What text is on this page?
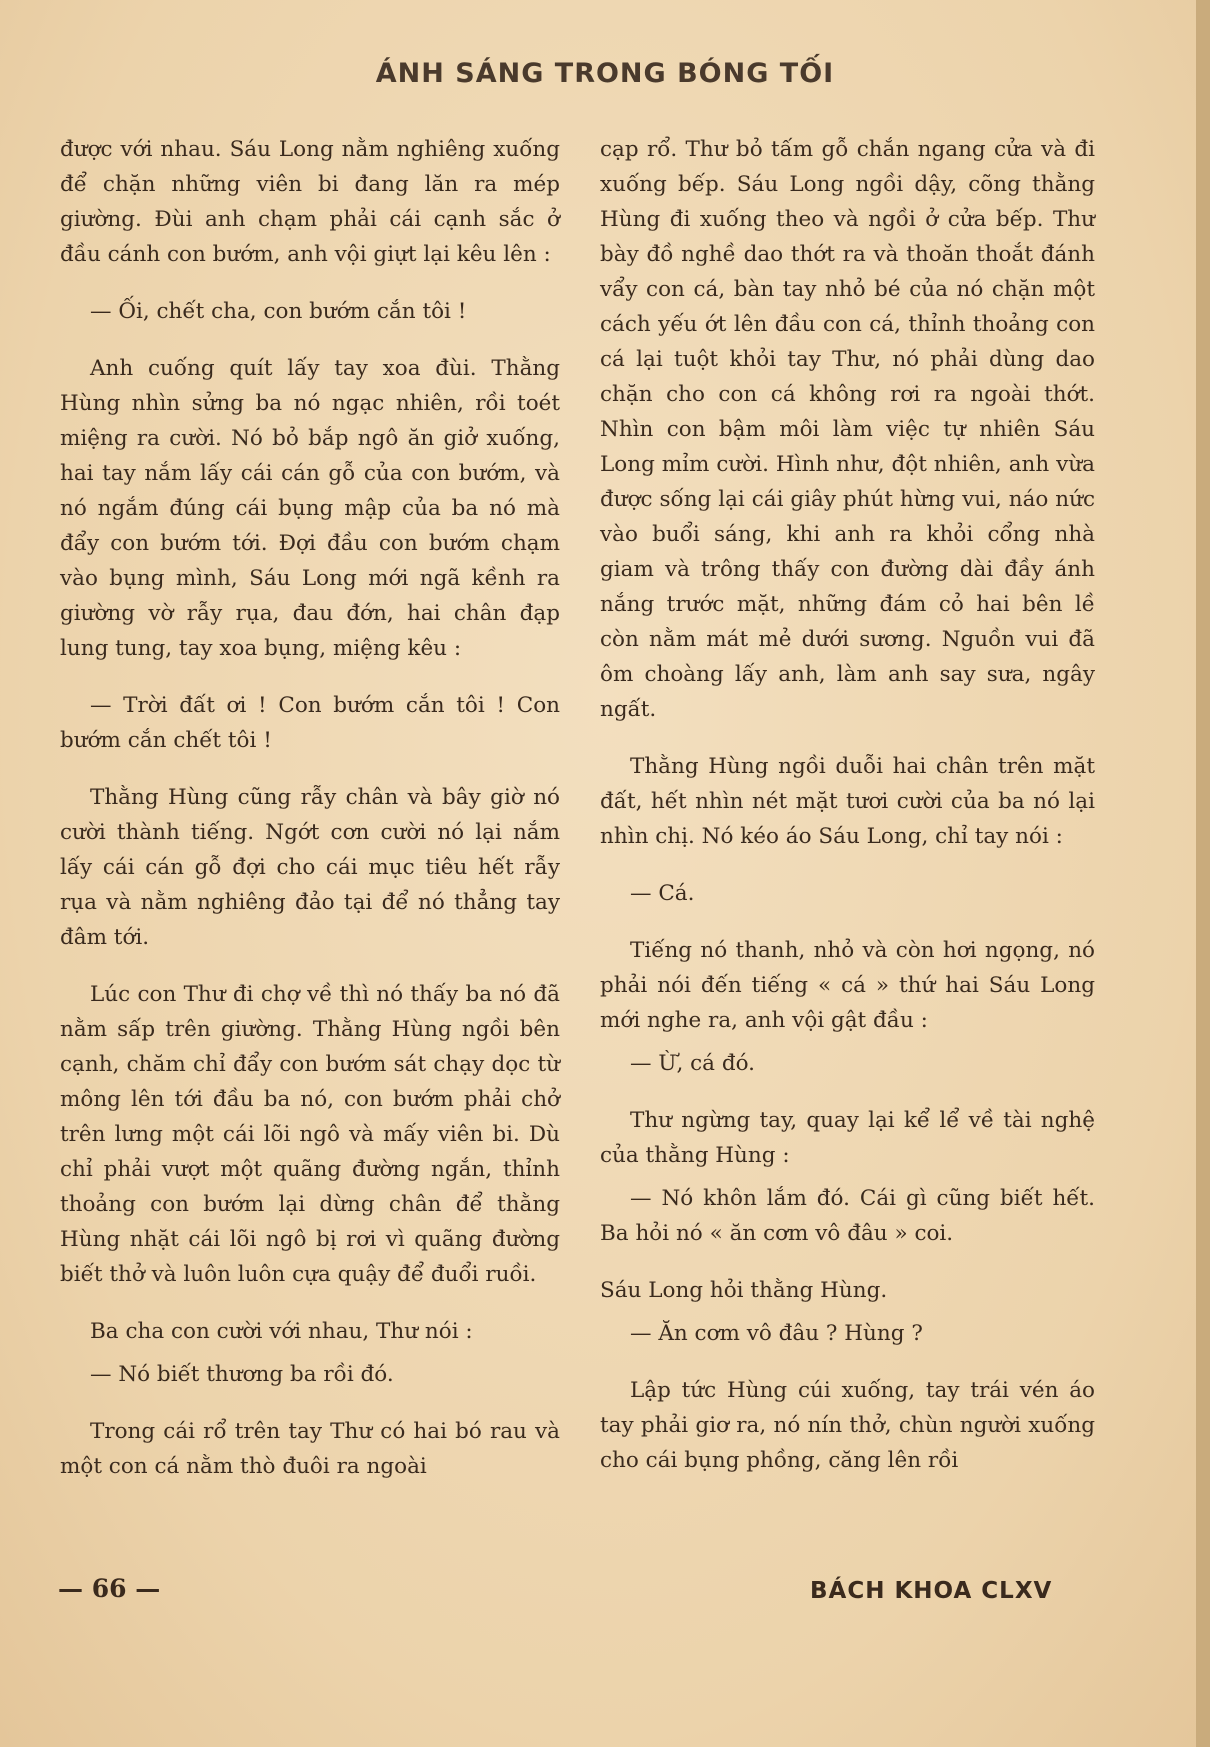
ÁNH SÁNG TRONG BÓNG TỐI

được với nhau. Sáu Long nằm nghiêng xuống để chặn những viên bi đang lăn ra mép giường. Đùi anh chạm phải cái cạnh sắc ở đầu cánh con bướm, anh vội giựt lại kêu lên :

— Ối, chết cha, con bướm cắn tôi !

Anh cuống quít lấy tay xoa đùi. Thằng Hùng nhìn sửng ba nó ngạc nhiên, rồi toét miệng ra cười. Nó bỏ bắp ngô ăn giở xuống, hai tay nắm lấy cái cán gỗ của con bướm, và nó ngắm đúng cái bụng mập của ba nó mà đẩy con bướm tới. Đợi đầu con bướm chạm vào bụng mình, Sáu Long mới ngã kềnh ra giường vờ rẫy rụa, đau đớn, hai chân đạp lung tung, tay xoa bụng, miệng kêu :

— Trời đất ơi ! Con bướm cắn tôi ! Con bướm cắn chết tôi !

Thằng Hùng cũng rẫy chân và bây giờ nó cười thành tiếng. Ngớt cơn cười nó lại nắm lấy cái cán gỗ đợi cho cái mục tiêu hết rẫy rụa và nằm nghiêng đảo tại để nó thẳng tay đâm tới.

Lúc con Thư đi chợ về thì nó thấy ba nó đã nằm sấp trên giường. Thằng Hùng ngồi bên cạnh, chăm chỉ đẩy con bướm sát chạy dọc từ mông lên tới đầu ba nó, con bướm phải chở trên lưng một cái lõi ngô và mấy viên bi. Dù chỉ phải vượt một quãng đường ngắn, thỉnh thoảng con bướm lại dừng chân để thằng Hùng nhặt cái lõi ngô bị rơi vì quãng đường biết thở và luôn luôn cựa quậy để đuổi ruồi.

Ba cha con cười với nhau, Thư nói :

— Nó biết thương ba rồi đó.

Trong cái rổ trên tay Thư có hai bó rau và một con cá nằm thò đuôi ra ngoài

cạp rổ. Thư bỏ tấm gỗ chắn ngang cửa và đi xuống bếp. Sáu Long ngồi dậy, cõng thằng Hùng đi xuống theo và ngồi ở cửa bếp. Thư bày đồ nghề dao thớt ra và thoăn thoắt đánh vẩy con cá, bàn tay nhỏ bé của nó chặn một cách yếu ớt lên đầu con cá, thỉnh thoảng con cá lại tuột khỏi tay Thư, nó phải dùng dao chặn cho con cá không rơi ra ngoài thớt. Nhìn con bậm môi làm việc tự nhiên Sáu Long mỉm cười. Hình như, đột nhiên, anh vừa được sống lại cái giây phút hừng vui, náo nức vào buổi sáng, khi anh ra khỏi cổng nhà giam và trông thấy con đường dài đầy ánh nắng trước mặt, những đám cỏ hai bên lề còn nằm mát mẻ dưới sương. Nguồn vui đã ôm choàng lấy anh, làm anh say sưa, ngây ngất.

Thằng Hùng ngồi duỗi hai chân trên mặt đất, hết nhìn nét mặt tươi cười của ba nó lại nhìn chị. Nó kéo áo Sáu Long, chỉ tay nói :

— Cá.

Tiếng nó thanh, nhỏ và còn hơi ngọng, nó phải nói đến tiếng « cá » thứ hai Sáu Long mới nghe ra, anh vội gật đầu :

— Ừ, cá đó.

Thư ngừng tay, quay lại kể lể về tài nghệ của thằng Hùng :

— Nó khôn lắm đó. Cái gì cũng biết hết. Ba hỏi nó « ăn cơm vô đâu » coi.

Sáu Long hỏi thằng Hùng.

— Ăn cơm vô đâu ? Hùng ?

Lập tức Hùng cúi xuống, tay trái vén áo tay phải giơ ra, nó nín thở, chùn người xuống cho cái bụng phồng, căng lên rồi

— 66 —	BÁCH KHOA CLXV
